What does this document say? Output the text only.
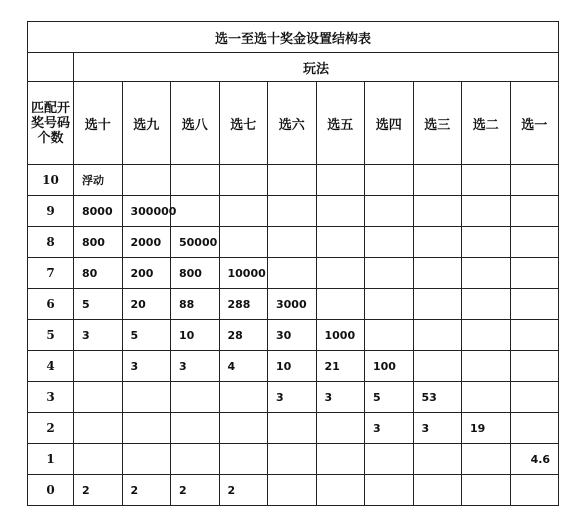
选一至选十奖金设置结构表										
	玩法									
匹配开奖号码个数	选十	选九	选八	选七	选六	选五	选四	选三	选二	选一
10	浮动									
9	8000	300000								
8	800	2000	50000							
7	80	200	800	10000						
6	5	20	88	288	3000					
5	3	5	10	28	30	1000				
4		3	3	4	10	21	100			
3					3	3	5	53		
2							3	3	19	
1										4.6
0	2	2	2	2						
